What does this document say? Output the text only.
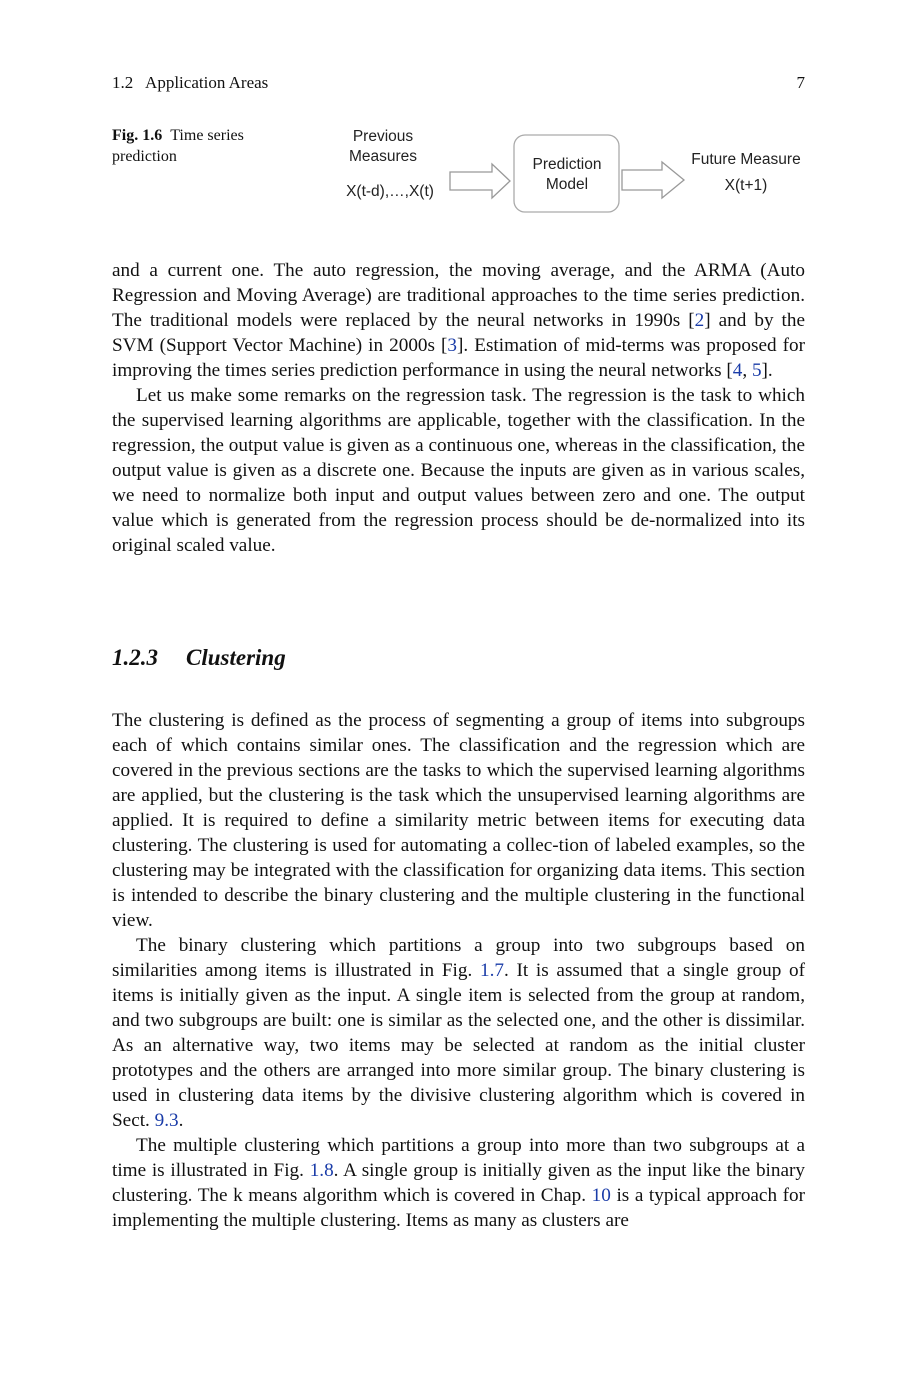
1.2   Application Areas	7
Fig. 1.6 Time series prediction
Previous
Measures
X(t-d),…,X(t)
Prediction
Model
Future Measure
X(t+1)

and a current one. The auto regression, the moving average, and the ARMA (Auto Regression and Moving Average) are traditional approaches to the time series prediction. The traditional models were replaced by the neural networks in 1990s [2] and by the SVM (Support Vector Machine) in 2000s [3]. Estimation of mid-terms was proposed for improving the times series prediction performance in using the neural networks [4, 5].

Let us make some remarks on the regression task. The regression is the task to which the supervised learning algorithms are applicable, together with the classification. In the regression, the output value is given as a continuous one, whereas in the classification, the output value is given as a discrete one. Because the inputs are given as in various scales, we need to normalize both input and output values between zero and one. The output value which is generated from the regression process should be de-normalized into its original scaled value.

1.2.3 Clustering

The clustering is defined as the process of segmenting a group of items into subgroups each of which contains similar ones. The classification and the regression which are covered in the previous sections are the tasks to which the supervised learning algorithms are applied, but the clustering is the task which the unsupervised learning algorithms are applied. It is required to define a similarity metric between items for executing data clustering. The clustering is used for automating a collec-tion of labeled examples, so the clustering may be integrated with the classification for organizing data items. This section is intended to describe the binary clustering and the multiple clustering in the functional view.

The binary clustering which partitions a group into two subgroups based on similarities among items is illustrated in Fig. 1.7. It is assumed that a single group of items is initially given as the input. A single item is selected from the group at random, and two subgroups are built: one is similar as the selected one, and the other is dissimilar. As an alternative way, two items may be selected at random as the initial cluster prototypes and the others are arranged into more similar group. The binary clustering is used in clustering data items by the divisive clustering algorithm which is covered in Sect. 9.3.

The multiple clustering which partitions a group into more than two subgroups at a time is illustrated in Fig. 1.8. A single group is initially given as the input like the binary clustering. The k means algorithm which is covered in Chap. 10 is a typical approach for implementing the multiple clustering. Items as many as clusters are
